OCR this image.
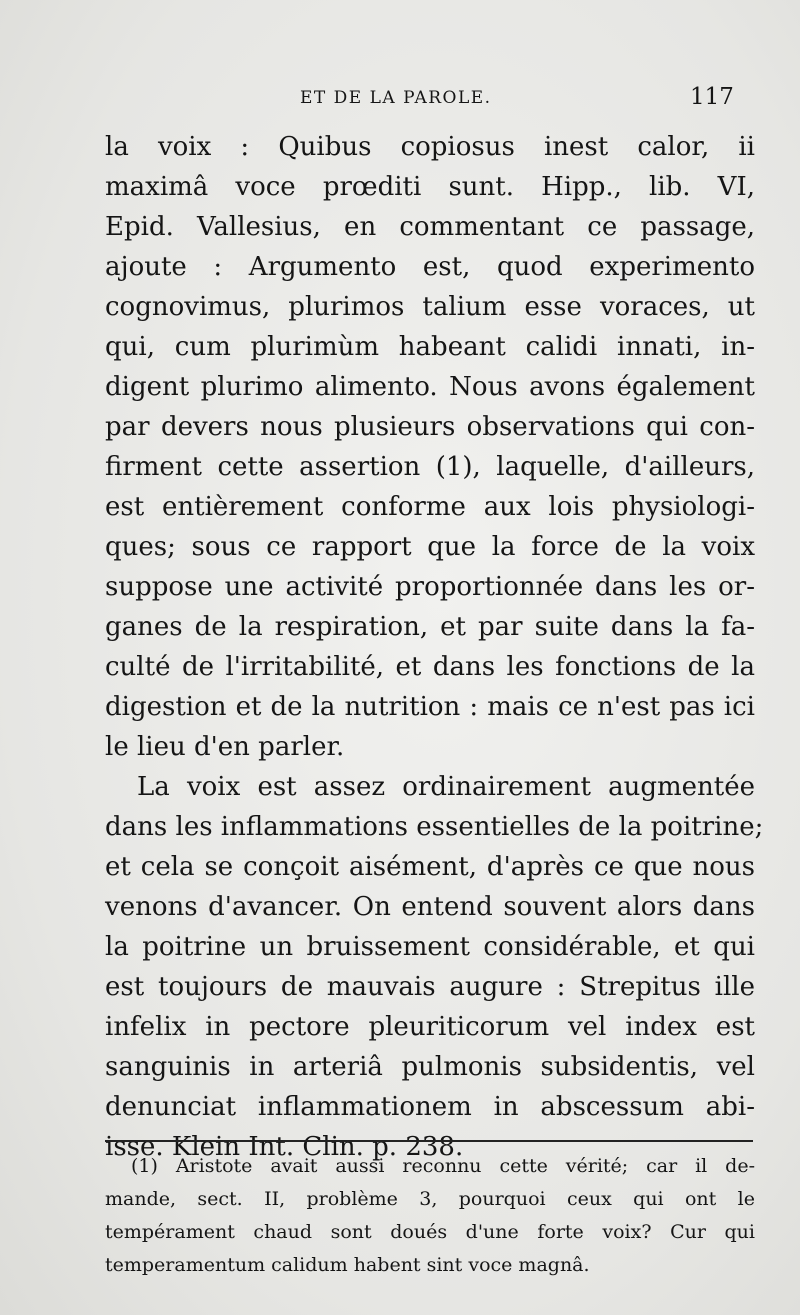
ET DE LA PAROLE.	117
la voix : Quibus copiosus inest calor, ii
maximâ voce prœditi sunt. Hipp., lib. VI,
Epid. Vallesius, en commentant ce passage,
ajoute : Argumento est, quod experimento
cognovimus, plurimos talium esse voraces, ut
qui, cum plurimùm habeant calidi innati, in-
digent plurimo alimento. Nous avons également
par devers nous plusieurs observations qui con-
firment cette assertion (1), laquelle, d'ailleurs,
est entièrement conforme aux lois physiologi-
ques; sous ce rapport que la force de la voix
suppose une activité proportionnée dans les or-
ganes de la respiration, et par suite dans la fa-
culté de l'irritabilité, et dans les fonctions de la
digestion et de la nutrition : mais ce n'est pas ici
le lieu d'en parler.
La voix est assez ordinairement augmentée
dans les inflammations essentielles de la poitrine;
et cela se conçoit aisément, d'après ce que nous
venons d'avancer. On entend souvent alors dans
la poitrine un bruissement considérable, et qui
est toujours de mauvais augure : Strepitus ille
infelix in pectore pleuriticorum vel index est
sanguinis in arteriâ pulmonis subsidentis, vel
denunciat inflammationem in abscessum abi-
isse. Klein Int. Clin. p. 238.
(1) Aristote avait aussi reconnu cette vérité; car il de-
mande, sect. II, problème 3, pourquoi ceux qui ont le
tempérament chaud sont doués d'une forte voix? Cur qui
temperamentum calidum habent sint voce magnâ.
